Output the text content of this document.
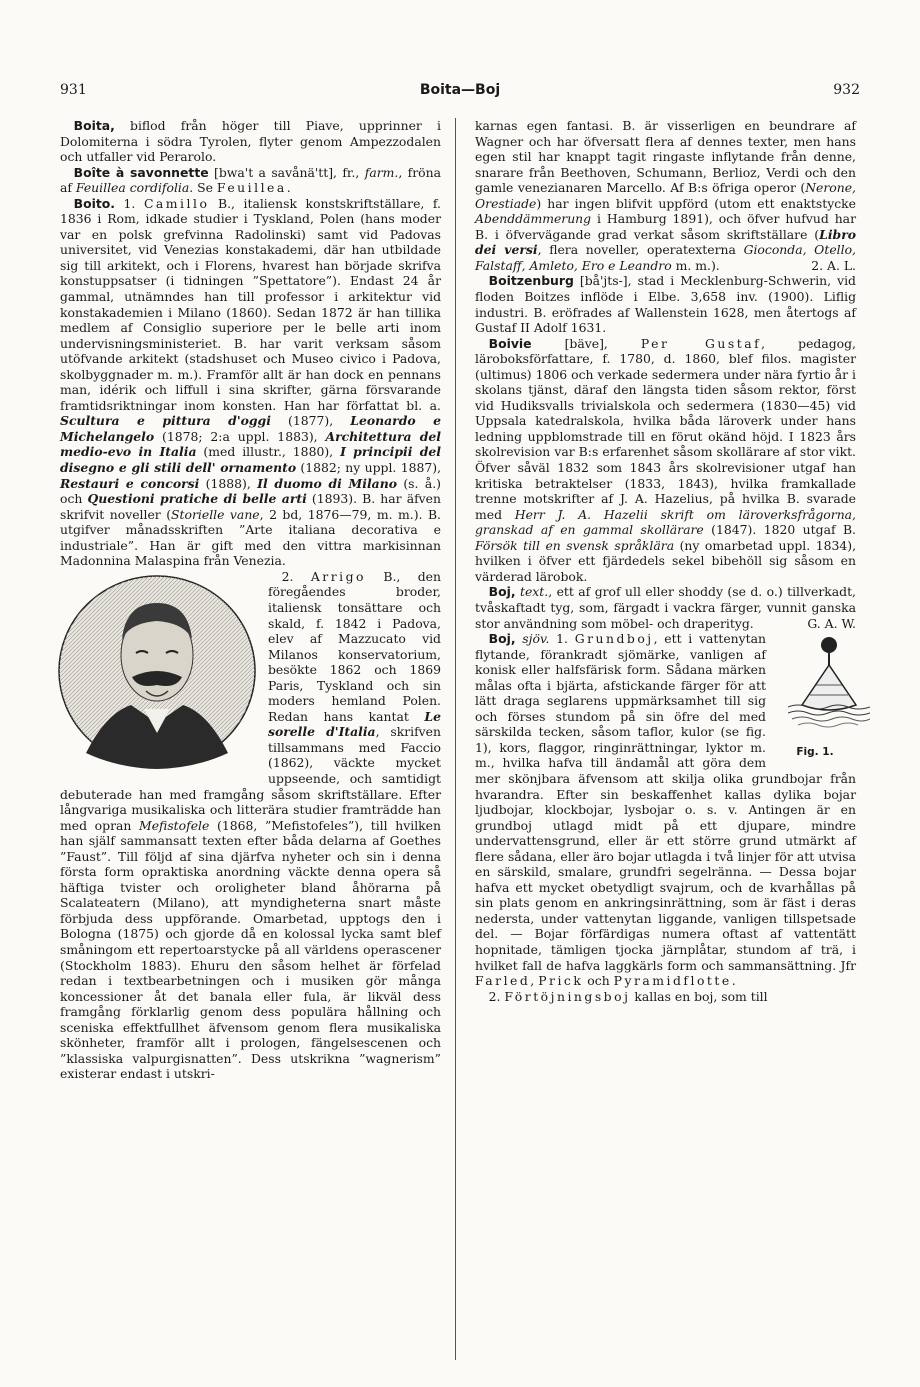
931	Boita—Boj	932

Boita, biflod från höger till Piave, upprinner i Dolomiterna i södra Tyrolen, flyter genom Ampezzodalen och utfaller vid Perarolo.

Boîte à savonnette [bwa't a savånä'tt], fr., farm., fröna af Feuillea cordifolia. Se Feuillea.

Boito. 1. Camillo B., italiensk konstskriftställare, f. 1836 i Rom, idkade studier i Tyskland, Polen (hans moder var en polsk grefvinna Radolinski) samt vid Padovas universitet, vid Venezias konstakademi, där han utbildade sig till arkitekt, och i Florens, hvarest han började skrifva konstuppsatser (i tidningen ”Spettatore”). Endast 24 år gammal, utnämndes han till professor i arkitektur vid konstakademien i Milano (1860). Sedan 1872 är han tillika medlem af Consiglio superiore per le belle arti inom undervisningsministeriet. B. har varit verksam såsom utöfvande arkitekt (stadshuset och Museo civico i Padova, skolbyggnader m. m.). Framför allt är han dock en pennans man, idérik och liffull i sina skrifter, gärna försvarande framtidsriktningar inom konsten. Han har författat bl. a. Scultura e pittura d'oggi (1877), Leonardo e Michelangelo (1878; 2:a uppl. 1883), Architettura del medio-evo in Italia (med illustr., 1880), I principii del disegno e gli stili dell' ornamento (1882; ny uppl. 1887), Restauri e concorsi (1888), Il duomo di Milano (s. å.) och Questioni pratiche di belle arti (1893). B. har äfven skrifvit noveller (Storielle vane, 2 bd, 1876—79, m. m.). B. utgifver månadsskriften ”Arte italiana decorativa e industriale”. Han är gift med den vittra markisinnan Madonnina Malaspina från Venezia.

2. Arrigo
B., den föregåendes broder, italiensk tonsättare och skald, f. 1842 i Padova, elev af Mazzucato vid Milanos konservatorium, besökte 1862 och 1869 Paris, Tyskland och sin moders hemland Polen. Redan hans kantat Le sorelle d'Italia, skrifven tillsammans med Faccio (1862), väckte mycket uppseende, och samtidigt debuterade han med framgång såsom skriftställare. Efter långvariga musikaliska och litterära studier framträdde han med opran Mefistofele (1868, ”Mefistofeles”), till hvilken han själf sammansatt texten efter båda delarna af Goethes ”Faust”. Till följd af sina djärfva nyheter och sin i denna första form opraktiska anordning väckte denna opera så häftiga tvister och oroligheter bland åhörarna på Scalateatern (Milano), att myndigheterna snart måste förbjuda dess uppförande. Omarbetad, upptogs den i Bologna (1875) och gjorde då en kolossal lycka samt blef småningom ett repertoarstycke på all världens operascener (Stockholm 1883). Ehuru den såsom helhet är förfelad redan i textbearbetningen och i musiken gör många koncessioner åt det banala eller fula, är likväl dess framgång förklarlig genom dess populära hållning och sceniska effektfullhet äfvensom genom flera musikaliska skönheter, framför allt i prologen, fängelsescenen och ”klassiska valpurgisnatten”. Dess utskrikna ”wagnerism” existerar endast i utskri-

karnas egen fantasi. B. är visserligen en beundrare af Wagner och har öfversatt flera af dennes texter, men hans egen stil har knappt tagit ringaste inflytande från denne, snarare från Beethoven, Schumann, Berlioz, Verdi och den gamle venezianaren Marcello. Af B:s öfriga operor (Nerone, Orestiade) har ingen blifvit uppförd (utom ett enaktstycke Abenddämmerung i Hamburg 1891), och öfver hufvud har B. i öfvervägande grad verkat såsom skriftställare (Libro dei versi, flera noveller, operatexterna Gioconda, Otello, Falstaff, Amleto, Ero e Leandro m. m.).	2. A. L.

Boitzenburg [bå'jts-], stad i Mecklenburg-Schwerin, vid floden Boitzes inflöde i Elbe. 3,658 inv. (1900). Liflig industri. B. eröfrades af Wallenstein 1628, men återtogs af Gustaf II Adolf 1631.

Boivie [bäve], Per Gustaf, pedagog, läroboksförfattare, f. 1780, d. 1860, blef filos. magister (ultimus) 1806 och verkade sedermera under nära fyrtio år i skolans tjänst, däraf den längsta tiden såsom rektor, först vid Hudiksvalls trivialskola och sedermera (1830—45) vid Uppsala katedralskola, hvilka båda läroverk under hans ledning uppblomstrade till en förut okänd höjd. I 1823 års skolrevision var B:s erfarenhet såsom skollärare af stor vikt. Öfver såväl 1832 som 1843 års skolrevisioner utgaf han kritiska betraktelser (1833, 1843), hvilka framkallade trenne motskrifter af J. A. Hazelius, på hvilka B. svarade med Herr J. A. Hazelii skrift om läroverksfrågorna, granskad af en gammal skollärare (1847). 1820 utgaf B. Försök till en svensk språklära (ny omarbetad uppl. 1834), hvilken i öfver ett fjärdedels sekel bibehöll sig såsom en värderad lärobok.

Boj, text., ett af grof ull eller shoddy (se d. o.) tillverkadt, tvåskaftadt tyg, som, färgadt i vackra färger, vunnit ganska stor användning som möbel- och draperityg.	G. A. W.

Boj, sjöv. 1. Grundboj
Fig. 1.
, ett i vattenytan flytande, förankradt sjömärke, vanligen af konisk eller halfsfärisk form. Sådana märken målas ofta i bjärta, afstickande färger för att lätt draga seglarens uppmärksamhet till sig och förses stundom på sin öfre del med särskilda tecken, såsom taflor, kulor (se fig. 1), kors, flaggor, ringinrättningar, lyktor m. m., hvilka hafva till ändamål att göra dem mer skönjbara äfvensom att skilja olika grundbojar från hvarandra. Efter sin beskaffenhet kallas dylika bojar ljudbojar, klockbojar, lysbojar o. s. v. Antingen är en grundboj utlagd midt på ett djupare, mindre undervattensgrund, eller är ett större grund utmärkt af flere sådana, eller äro bojar utlagda i två linjer för att utvisa en särskild, smalare, grundfri segelränna. — Dessa bojar hafva ett mycket obetydligt svajrum, och de kvarhållas på sin plats genom en ankringsinrättning, som är fäst i deras nedersta, under vattenytan liggande, vanligen tillspetsade del. — Bojar förfärdigas numera oftast af vattentätt hopnitade, tämligen tjocka järnplåtar, stundom af trä, i hvilket fall de hafva laggkärls form och sammansättning. Jfr Farled, Prick och Pyramidflotte.

2. Förtöjningsboj kallas en boj, som till
